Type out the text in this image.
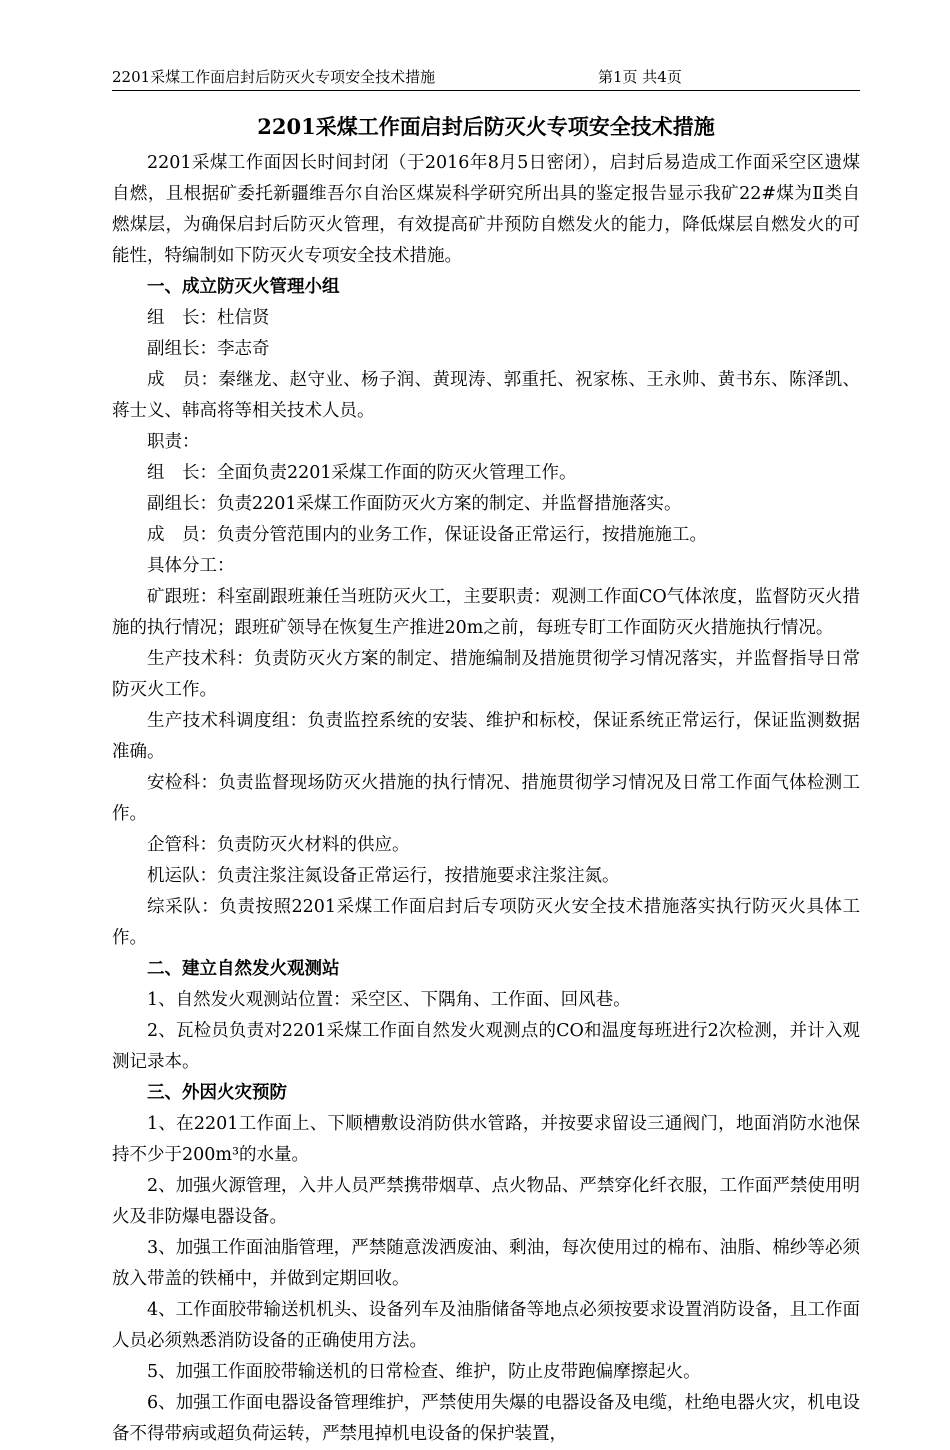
2201采煤工作面启封后防灭火专项安全技术措施	第1页 共4页
2201采煤工作面启封后防灭火专项安全技术措施

2201采煤工作面因长时间封闭（于2016年8月5日密闭），启封后易造成工作面采空区遗煤自燃，且根据矿委托新疆维吾尔自治区煤炭科学研究所出具的鉴定报告显示我矿22#煤为Ⅱ类自燃煤层，为确保启封后防灭火管理，有效提高矿井预防自燃发火的能力，降低煤层自燃发火的可能性，特编制如下防灭火专项安全技术措施。

一、成立防灭火管理小组

组　长：杜信贤

副组长：李志奇

成　员：秦继龙、赵守业、杨子润、黄现涛、郭重托、祝家栋、王永帅、黄书东、陈泽凯、蒋士义、韩高将等相关技术人员。

职责：

组　长：全面负责2201采煤工作面的防灭火管理工作。

副组长：负责2201采煤工作面防灭火方案的制定、并监督措施落实。

成　员：负责分管范围内的业务工作，保证设备正常运行，按措施施工。

具体分工：

矿跟班：科室副跟班兼任当班防灭火工，主要职责：观测工作面CO气体浓度，监督防灭火措施的执行情况；跟班矿领导在恢复生产推进20m之前，每班专盯工作面防灭火措施执行情况。

生产技术科：负责防灭火方案的制定、措施编制及措施贯彻学习情况落实，并监督指导日常防灭火工作。

生产技术科调度组：负责监控系统的安装、维护和标校，保证系统正常运行，保证监测数据准确。

安检科：负责监督现场防灭火措施的执行情况、措施贯彻学习情况及日常工作面气体检测工作。

企管科：负责防灭火材料的供应。

机运队：负责注浆注氮设备正常运行，按措施要求注浆注氮。

综采队：负责按照2201采煤工作面启封后专项防灭火安全技术措施落实执行防灭火具体工作。

二、建立自然发火观测站

1、自然发火观测站位置：采空区、下隅角、工作面、回风巷。

2、瓦检员负责对2201采煤工作面自然发火观测点的CO和温度每班进行2次检测，并计入观测记录本。

三、外因火灾预防

1、在2201工作面上、下顺槽敷设消防供水管路，并按要求留设三通阀门，地面消防水池保持不少于200m³的水量。

2、加强火源管理，入井人员严禁携带烟草、点火物品、严禁穿化纤衣服，工作面严禁使用明火及非防爆电器设备。

3、加强工作面油脂管理，严禁随意泼洒废油、剩油，每次使用过的棉布、油脂、棉纱等必须放入带盖的铁桶中，并做到定期回收。

4、工作面胶带输送机机头、设备列车及油脂储备等地点必须按要求设置消防设备，且工作面人员必须熟悉消防设备的正确使用方法。

5、加强工作面胶带输送机的日常检查、维护，防止皮带跑偏摩擦起火。

6、加强工作面电器设备管理维护，严禁使用失爆的电器设备及电缆，杜绝电器火灾，机电设备不得带病或超负荷运转，严禁甩掉机电设备的保护装置，
